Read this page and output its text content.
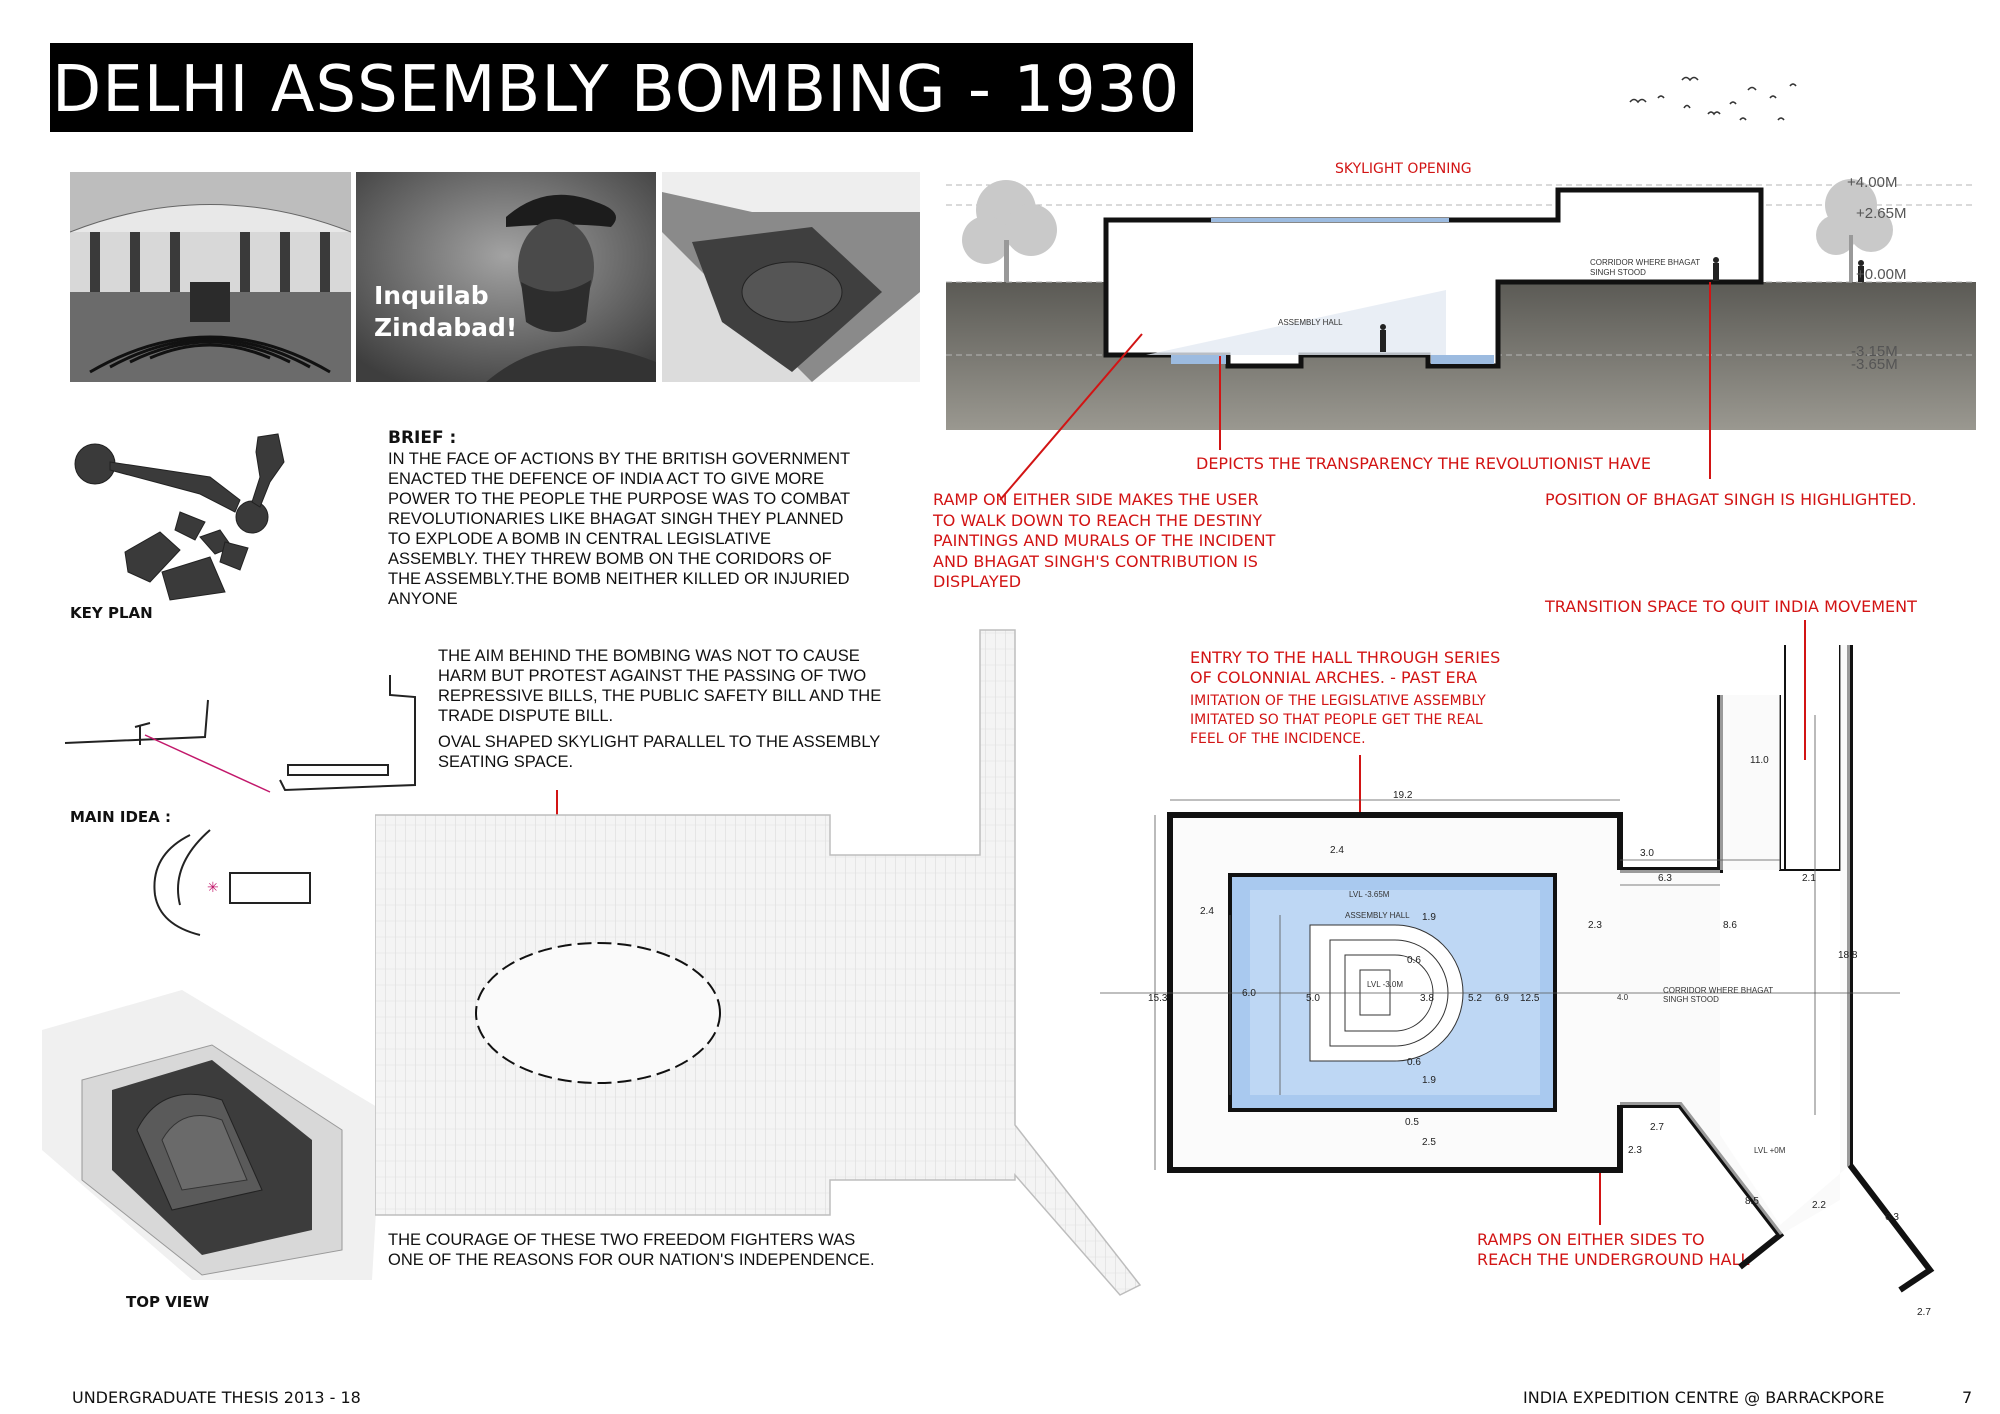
DELHI ASSEMBLY BOMBING - 1930
Inquilab
Zindabad!
SKYLIGHT OPENING
+4.00M
+2.65M
+0.00M
-3.15M
-3.65M
ASSEMBLY HALL
CORRIDOR WHERE BHAGAT
SINGH STOOD
DEPICTS THE TRANSPARENCY THE REVOLUTIONIST HAVE
RAMP ON EITHER SIDE MAKES THE USER
TO WALK DOWN TO REACH THE DESTINY
PAINTINGS AND MURALS OF THE INCIDENT
AND BHAGAT SINGH'S CONTRIBUTION IS
DISPLAYED
POSITION OF BHAGAT SINGH IS HIGHLIGHTED.
TRANSITION SPACE TO QUIT INDIA MOVEMENT
ENTRY TO THE HALL THROUGH SERIES
OF COLONNIAL ARCHES. - PAST ERA
IMITATION OF THE LEGISLATIVE ASSEMBLY
IMITATED SO THAT PEOPLE GET THE REAL
FEEL OF THE INCIDENCE.
RAMPS ON EITHER SIDES TO
REACH THE UNDERGROUND HALL
KEY PLAN
✳
MAIN IDEA :
TOP VIEW
BRIEF :
IN THE FACE OF ACTIONS BY THE BRITISH GOVERNMENT
ENACTED THE DEFENCE OF INDIA ACT TO GIVE MORE
POWER TO THE PEOPLE THE PURPOSE WAS TO COMBAT
REVOLUTIONARIES LIKE BHAGAT SINGH THEY PLANNED
TO EXPLODE A BOMB IN CENTRAL LEGISLATIVE
ASSEMBLY. THEY THREW BOMB ON THE CORIDORS OF
THE ASSEMBLY.THE BOMB NEITHER KILLED OR INJURIED
ANYONE
THE AIM BEHIND THE BOMBING WAS NOT TO CAUSE
HARM BUT PROTEST AGAINST THE PASSING OF TWO
REPRESSIVE BILLS, THE PUBLIC SAFETY BILL AND THE
TRADE DISPUTE BILL.
OVAL SHAPED SKYLIGHT PARALLEL TO THE ASSEMBLY
SEATING SPACE.
THE COURAGE OF THESE TWO FREEDOM FIGHTERS WAS
ONE OF THE REASONS FOR OUR NATION'S INDEPENDENCE.
LVL -3.65M
ASSEMBLY HALL
LVL -3.0M
CORRIDOR WHERE BHAGAT
SINGH STOOD
LVL +0M
19.2
2.4
2.4
3.0
6.3	2.1
11.0
2.3	8.6
18.8
1.9
0.6
15.3	6.0	5.0	3.8	5.2 6.9 12.5
0.6
1.9
0.5
2.5
2.7
2.3
8.5	2.2
6.3
2.7
4.0
UNDERGRADUATE THESIS 2013 - 18	INDIA EXPEDITION CENTRE @ BARRACKPORE	7
